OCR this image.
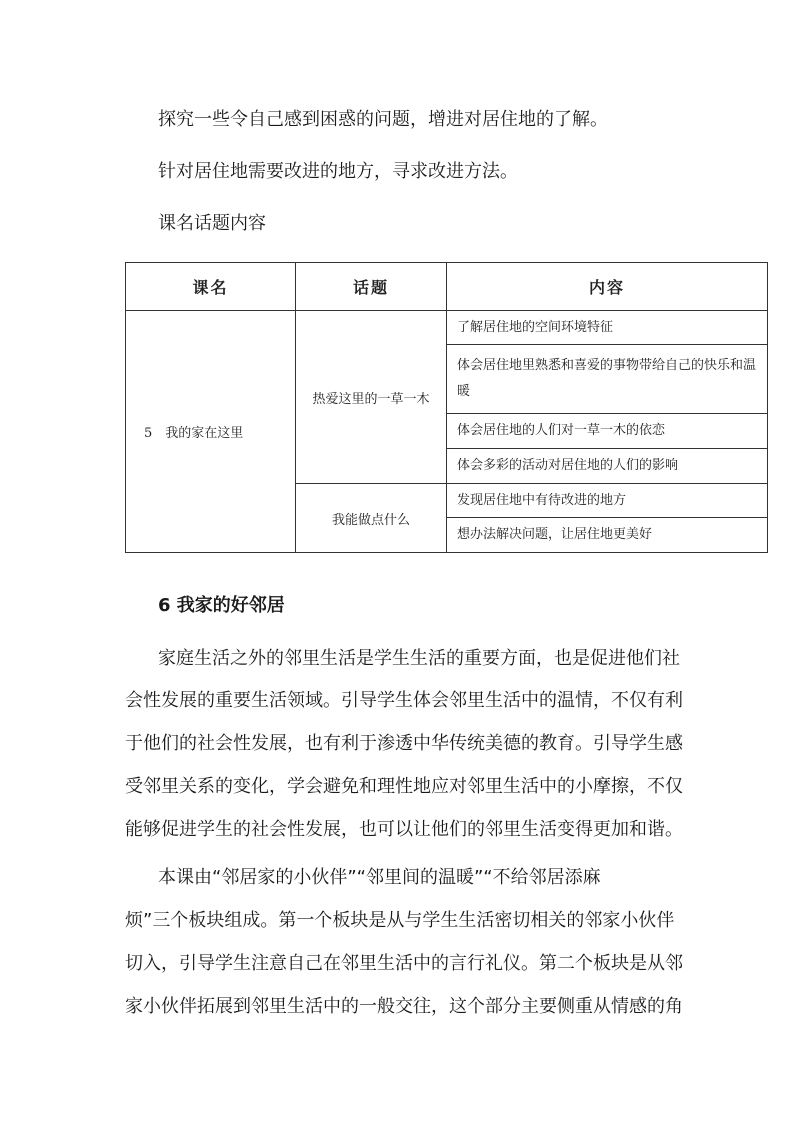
探究一些令自己感到困惑的问题，增进对居住地的了解。

针对居住地需要改进的地方，寻求改进方法。

课名话题内容

课名	话题	内容
5　我的家在这里	热爱这里的一草一木	了解居住地的空间环境特征
		体会居住地里熟悉和喜爱的事物带给自己的快乐和温暖
		体会居住地的人们对一草一木的依恋
		体会多彩的活动对居住地的人们的影响
	我能做点什么	发现居住地中有待改进的地方
		想办法解决问题，让居住地更美好

6 我家的好邻居

家庭生活之外的邻里生活是学生生活的重要方面，也是促进他们社

会性发展的重要生活领域。引导学生体会邻里生活中的温情，不仅有利

于他们的社会性发展，也有利于渗透中华传统美德的教育。引导学生感

受邻里关系的变化，学会避免和理性地应对邻里生活中的小摩擦，不仅

能够促进学生的社会性发展，也可以让他们的邻里生活变得更加和谐。

本课由“邻居家的小伙伴”“邻里间的温暖”“不给邻居添麻

烦”三个板块组成。第一个板块是从与学生生活密切相关的邻家小伙伴

切入，引导学生注意自己在邻里生活中的言行礼仪。第二个板块是从邻

家小伙伴拓展到邻里生活中的一般交往，这个部分主要侧重从情感的角
